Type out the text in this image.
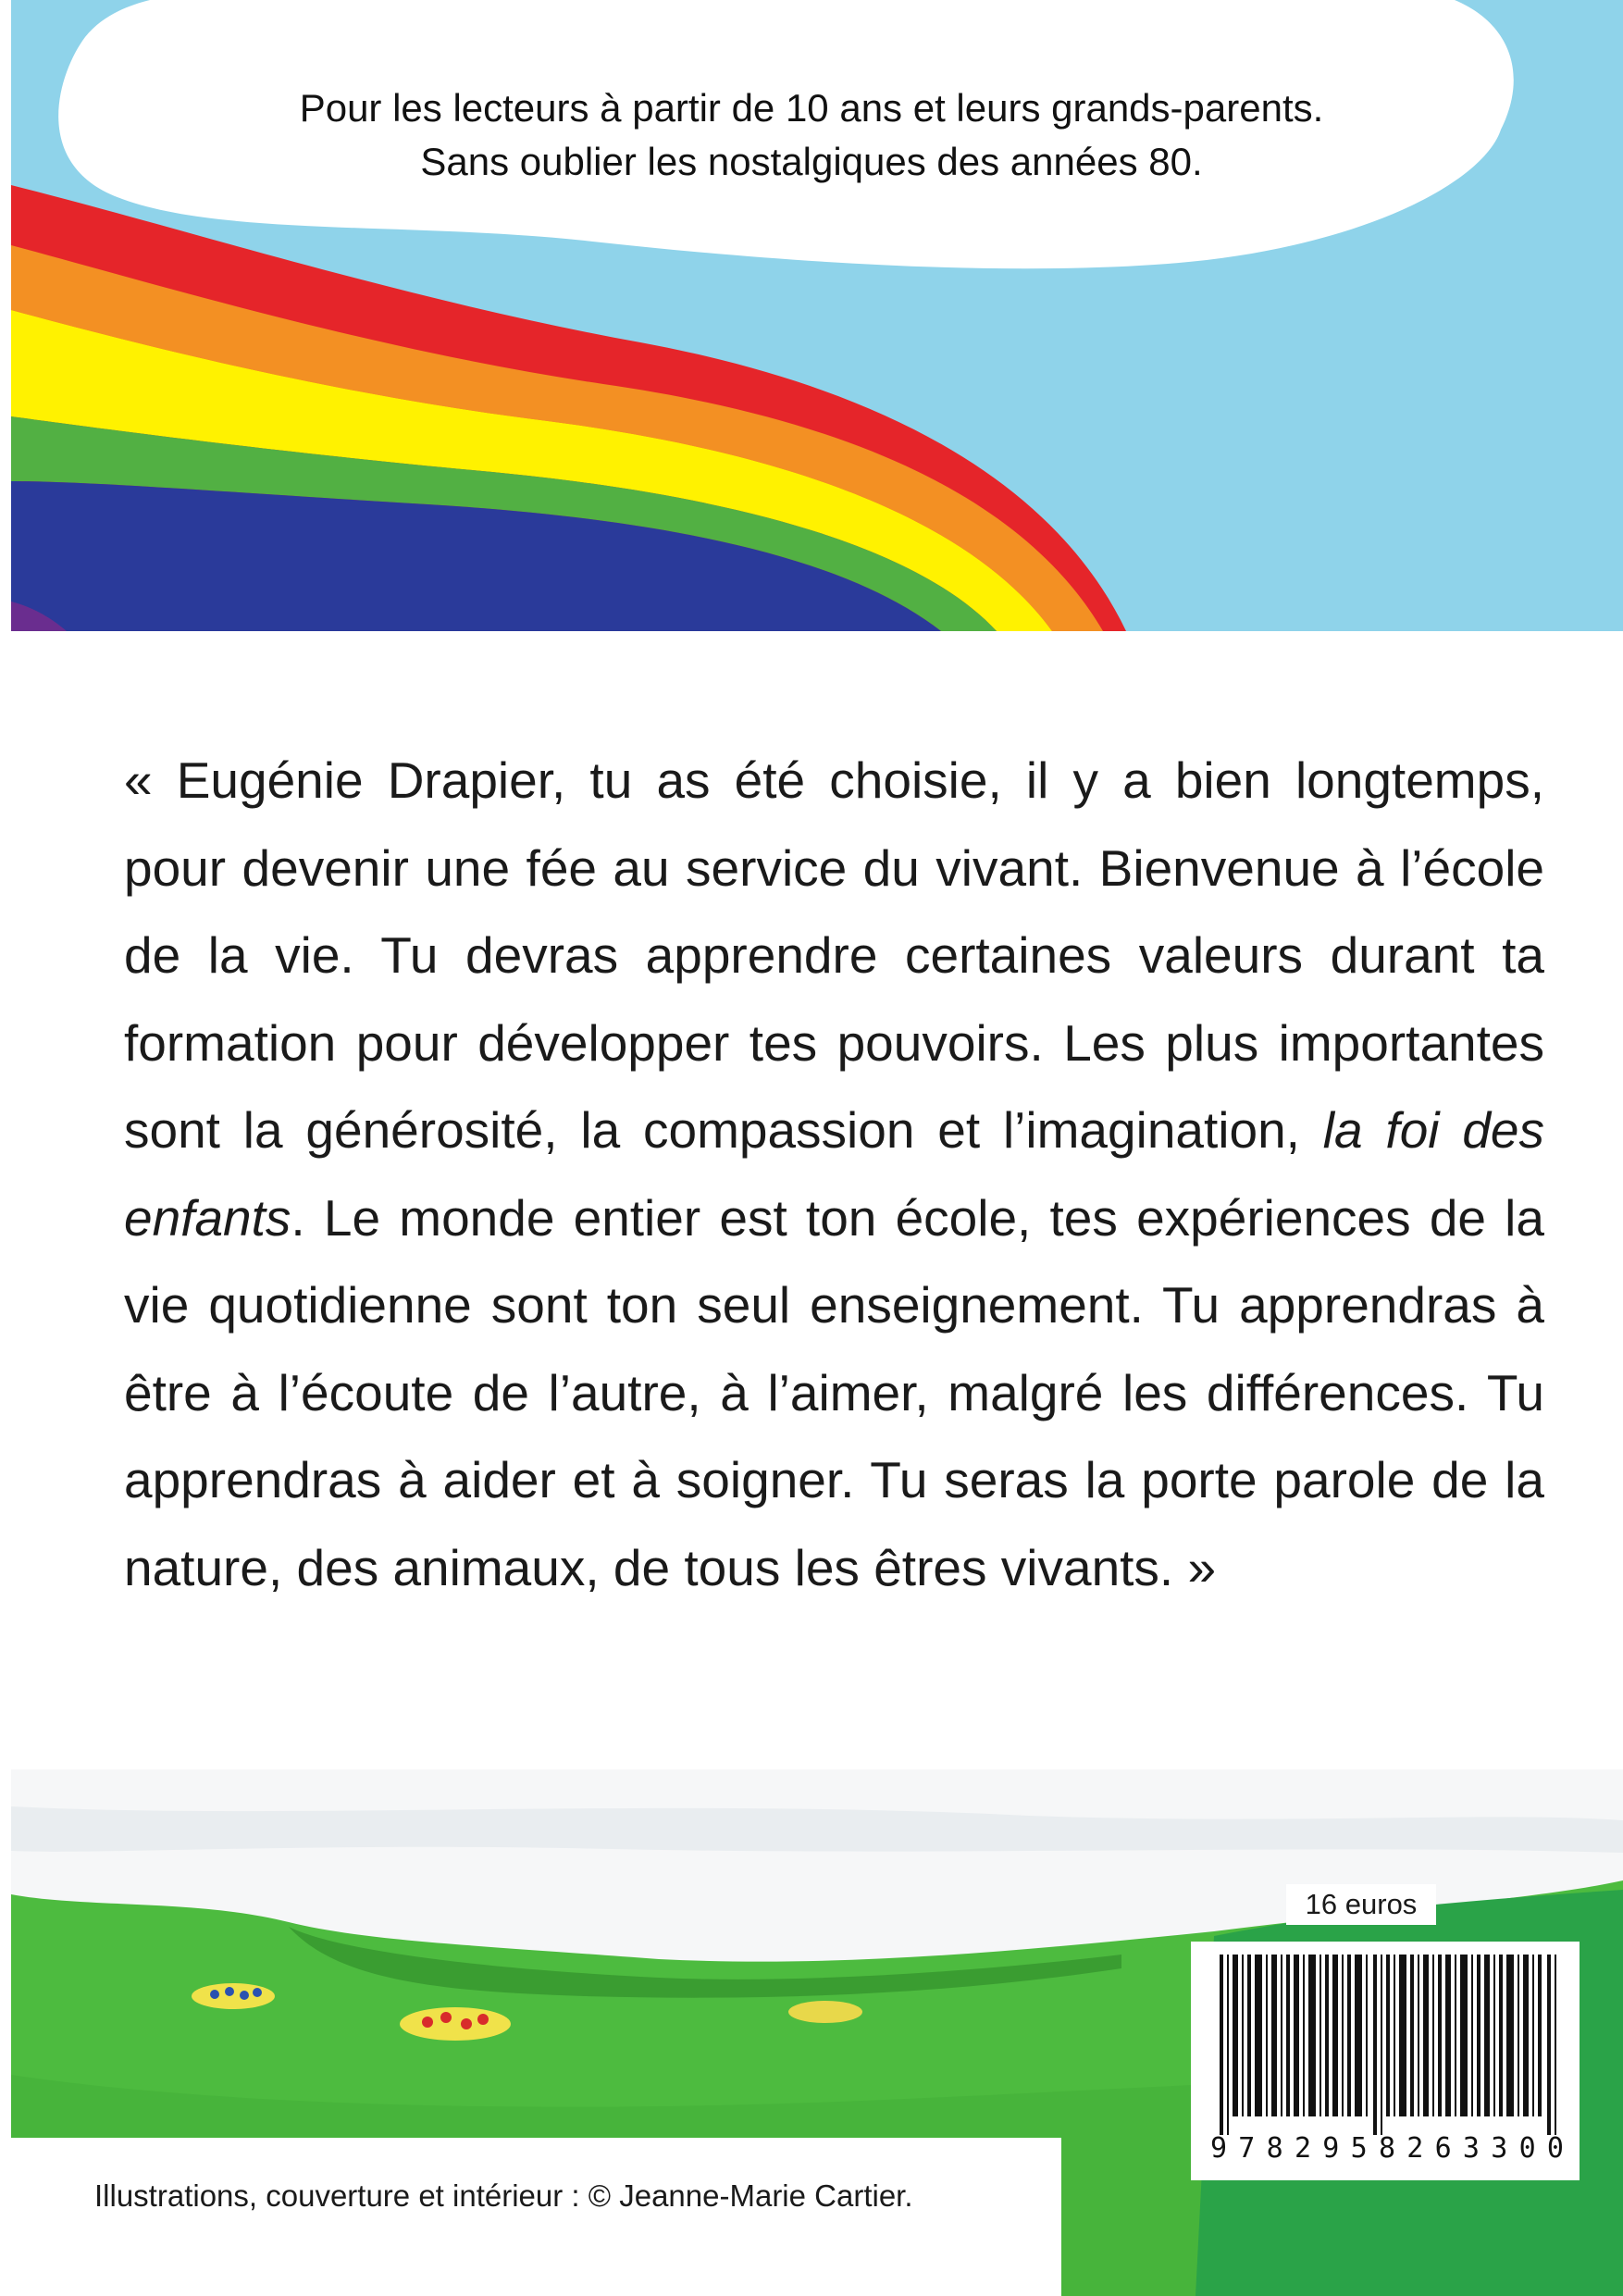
Pour les lecteurs à partir de 10 ans et leurs grands-parents.
Sans oublier les nostalgiques des années 80.

« Eugénie Drapier, tu as été choisie, il y a bien longtemps, pour devenir une fée au service du vivant. Bienvenue à l’école de la vie. Tu devras apprendre certaines valeurs durant ta formation pour développer tes pouvoirs. Les plus importantes sont la générosité, la compassion et l’imagination, la foi des enfants. Le monde entier est ton école, tes expériences de la vie quotidienne sont ton seul enseignement. Tu apprendras à être à l’écoute de l’autre, à l’aimer, malgré les différences. Tu apprendras à aider et à soigner. Tu seras la porte parole de la nature, des animaux, de tous les êtres vivants. »

Illustrations, couverture et intérieur : © Jeanne-Marie Cartier.
16 euros
9 7 8 2 9 5 8 2 6 3 3 0 0
